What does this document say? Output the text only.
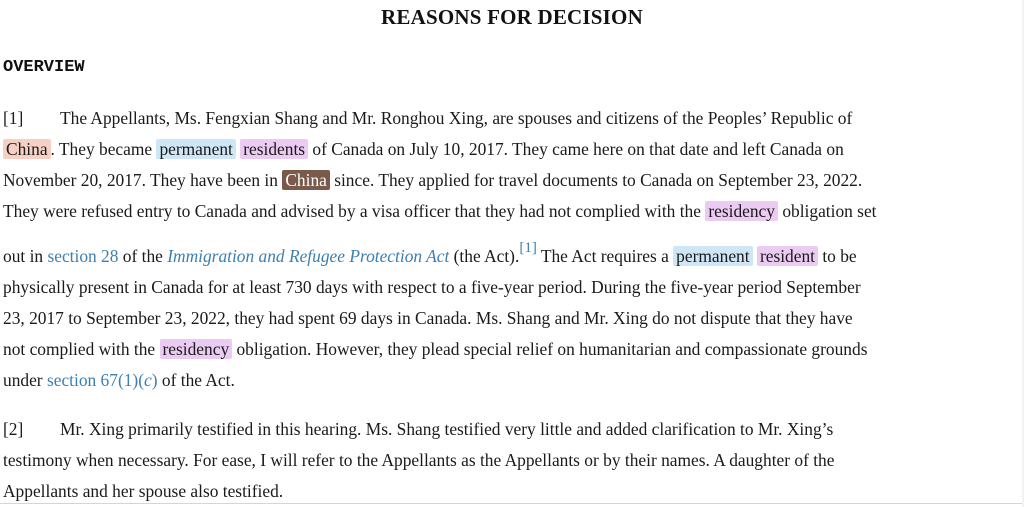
REASONS FOR DECISION
OVERVIEW
[1] The Appellants, Ms. Fengxian Shang and Mr. Ronghou Xing, are spouses and citizens of the Peoples’ Republic of
China . They became permanent residents of Canada on July 10, 2017. They came here on that date and left Canada on
November 20, 2017. They have been in China since. They applied for travel documents to Canada on September 23, 2022.
They were refused entry to Canada and advised by a visa officer that they had not complied with the residency obligation set
out in section 28 of the Immigration and Refugee Protection Act (the Act).[1] The Act requires a permanent resident to be
physically present in Canada for at least 730 days with respect to a five-year period. During the five-year period September
23, 2017 to September 23, 2022, they had spent 69 days in Canada. Ms. Shang and Mr. Xing do not dispute that they have
not complied with the residency obligation. However, they plead special relief on humanitarian and compassionate grounds
under section 67(1)(c) of the Act.
[2] Mr. Xing primarily testified in this hearing. Ms. Shang testified very little and added clarification to Mr. Xing’s
testimony when necessary. For ease, I will refer to the Appellants as the Appellants or by their names. A daughter of the
Appellants and her spouse also testified.
